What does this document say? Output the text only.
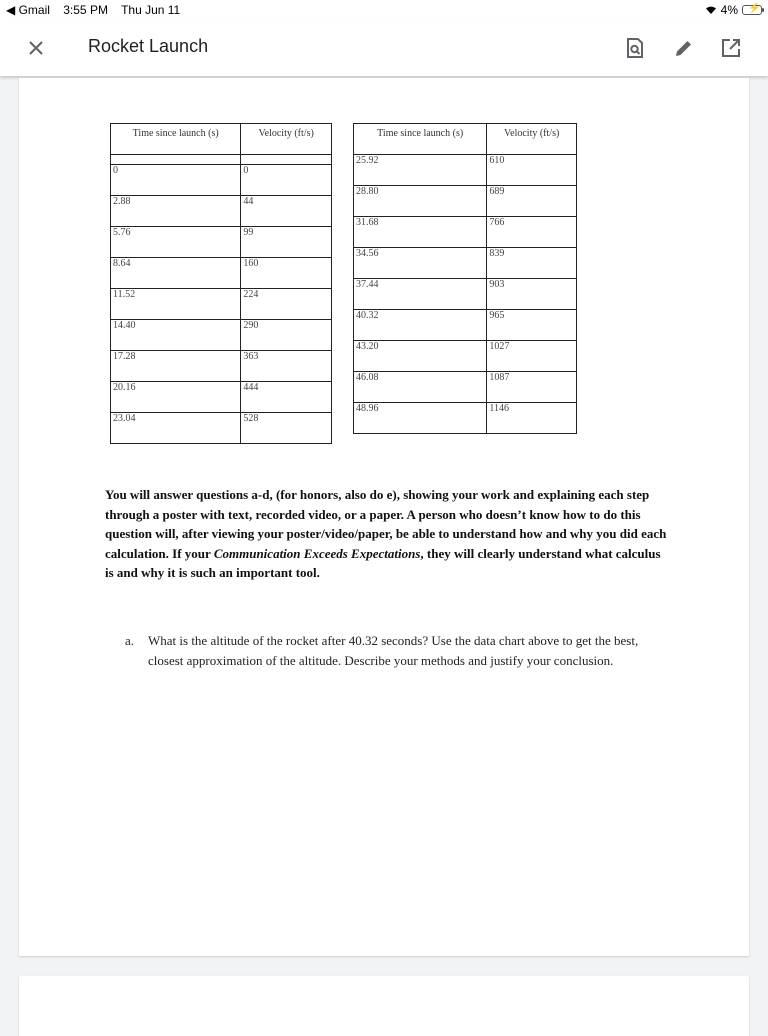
◀ Gmail 3:55 PM Thu Jun 11	4% ⚡
Rocket Launch
Time since launch (s)	Velocity (ft/s)

0	0
2.88	44
5.76	99
8.64	160
11.52	224
14.40	290
17.28	363
20.16	444
23.04	528
Time since launch (s)	Velocity (ft/s)
25.92	610
28.80	689
31.68	766
34.56	839
37.44	903
40.32	965
43.20	1027
46.08	1087
48.96	1146

You will answer questions a-d, (for honors, also do e), showing your work and explaining each step through a poster with text, recorded video, or a paper. A person who doesn’t know how to do this question will, after viewing your poster/video/paper, be able to understand how and why you did each calculation. If your Communication Exceeds Expectations, they will clearly understand what calculus is and why it is such an important tool.

a. What is the altitude of the rocket after 40.32 seconds? Use the data chart above to get the best, closest approximation of the altitude. Describe your methods and justify your conclusion.
